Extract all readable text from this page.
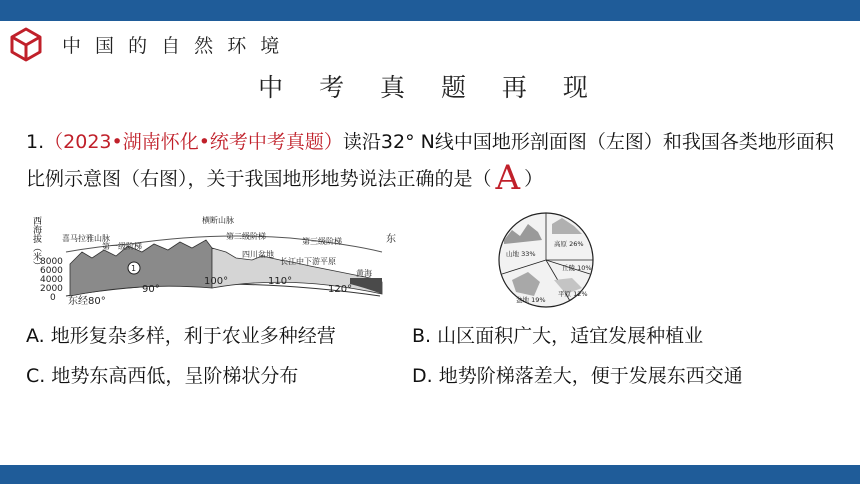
中 国 的 自 然 环 境
中 考 真 题 再 现
1.（2023•湖南怀化•统考中考真题）读沿32° N线中国地形剖面图（左图）和我国各类地形面积比例示意图（右图），关于我国地形地势说法正确的是（ A ）
西海拔（米） 8000
6000
4000
2000
0
1
喜马拉雅山脉
横断山脉
第一级阶梯
第二级阶梯
第三级阶梯
四川盆地
长江中下游平原
黄海
东
东经80°
90°
100°	110°
120°
山地 33%
高原 26%
丘陵 10%
盆地 19%
平原 12%
A. 地形复杂多样，利于农业多种经营	B. 山区面积广大，适宜发展种植业
C. 地势东高西低，呈阶梯状分布	D. 地势阶梯落差大，便于发展东西交通
